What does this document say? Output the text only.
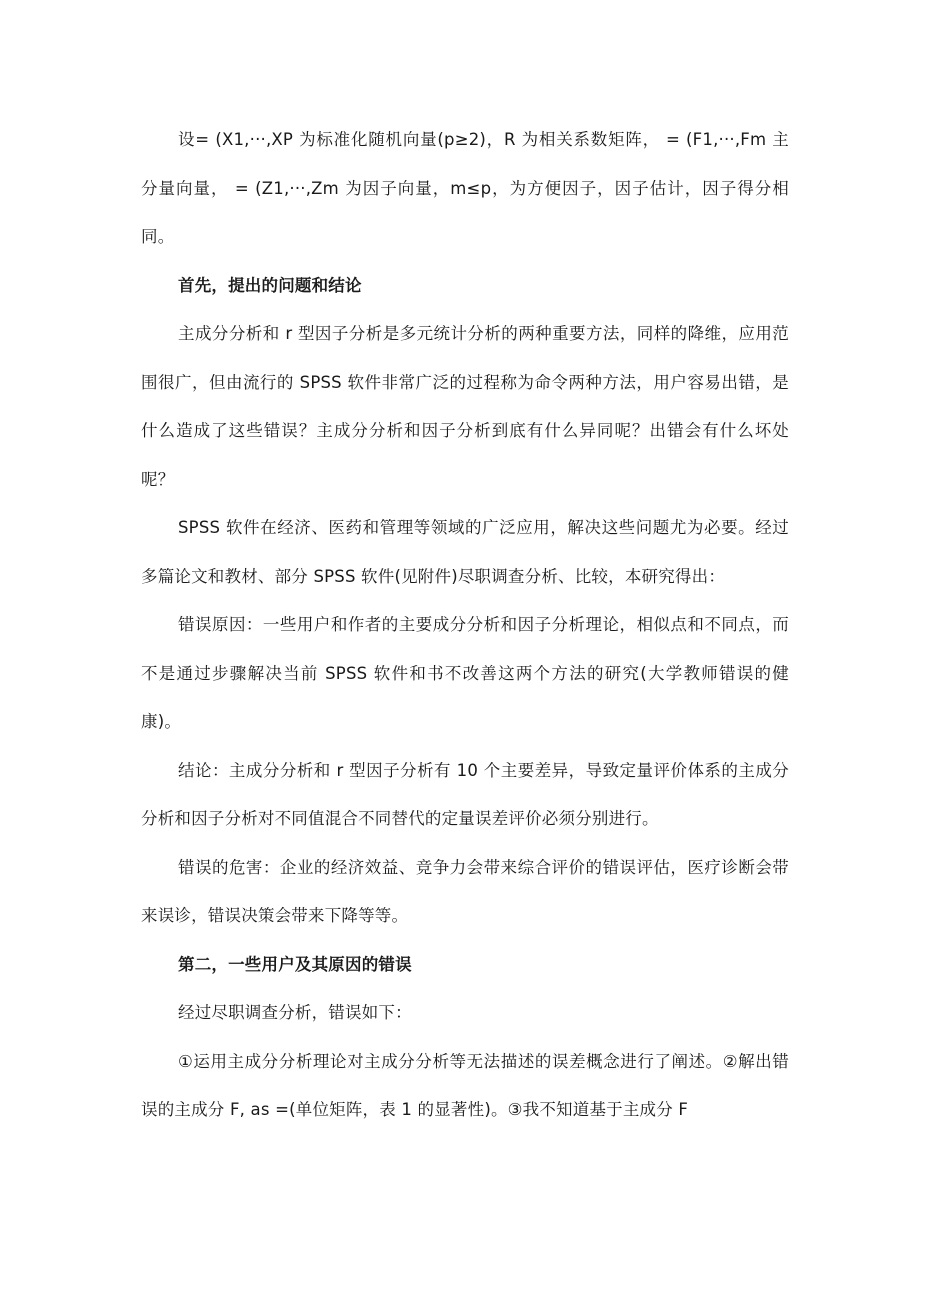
设= (X1,···,XP 为标准化随机向量(p≥2)，R 为相关系数矩阵， = (F1,···,Fm 主分量向量， = (Z1,···,Zm 为因子向量，m≤p，为方便因子，因子估计，因子得分相同。

首先，提出的问题和结论

主成分分析和 r 型因子分析是多元统计分析的两种重要方法，同样的降维，应用范围很广，但由流行的 SPSS 软件非常广泛的过程称为命令两种方法，用户容易出错，是什么造成了这些错误？主成分分析和因子分析到底有什么异同呢？出错会有什么坏处呢？

SPSS 软件在经济、医药和管理等领域的广泛应用，解决这些问题尤为必要。经过多篇论文和教材、部分 SPSS 软件(见附件)尽职调查分析、比较，本研究得出：

错误原因：一些用户和作者的主要成分分析和因子分析理论，相似点和不同点，而不是通过步骤解决当前 SPSS 软件和书不改善这两个方法的研究(大学教师错误的健康)。

结论：主成分分析和 r 型因子分析有 10 个主要差异，导致定量评价体系的主成分分析和因子分析对不同值混合不同替代的定量误差评价必须分别进行。

错误的危害：企业的经济效益、竞争力会带来综合评价的错误评估，医疗诊断会带来误诊，错误决策会带来下降等等。

第二，一些用户及其原因的错误

经过尽职调查分析，错误如下：

①运用主成分分析理论对主成分分析等无法描述的误差概念进行了阐述。②解出错误的主成分 F, as =(单位矩阵，表 1 的显著性)。③我不知道基于主成分 F
